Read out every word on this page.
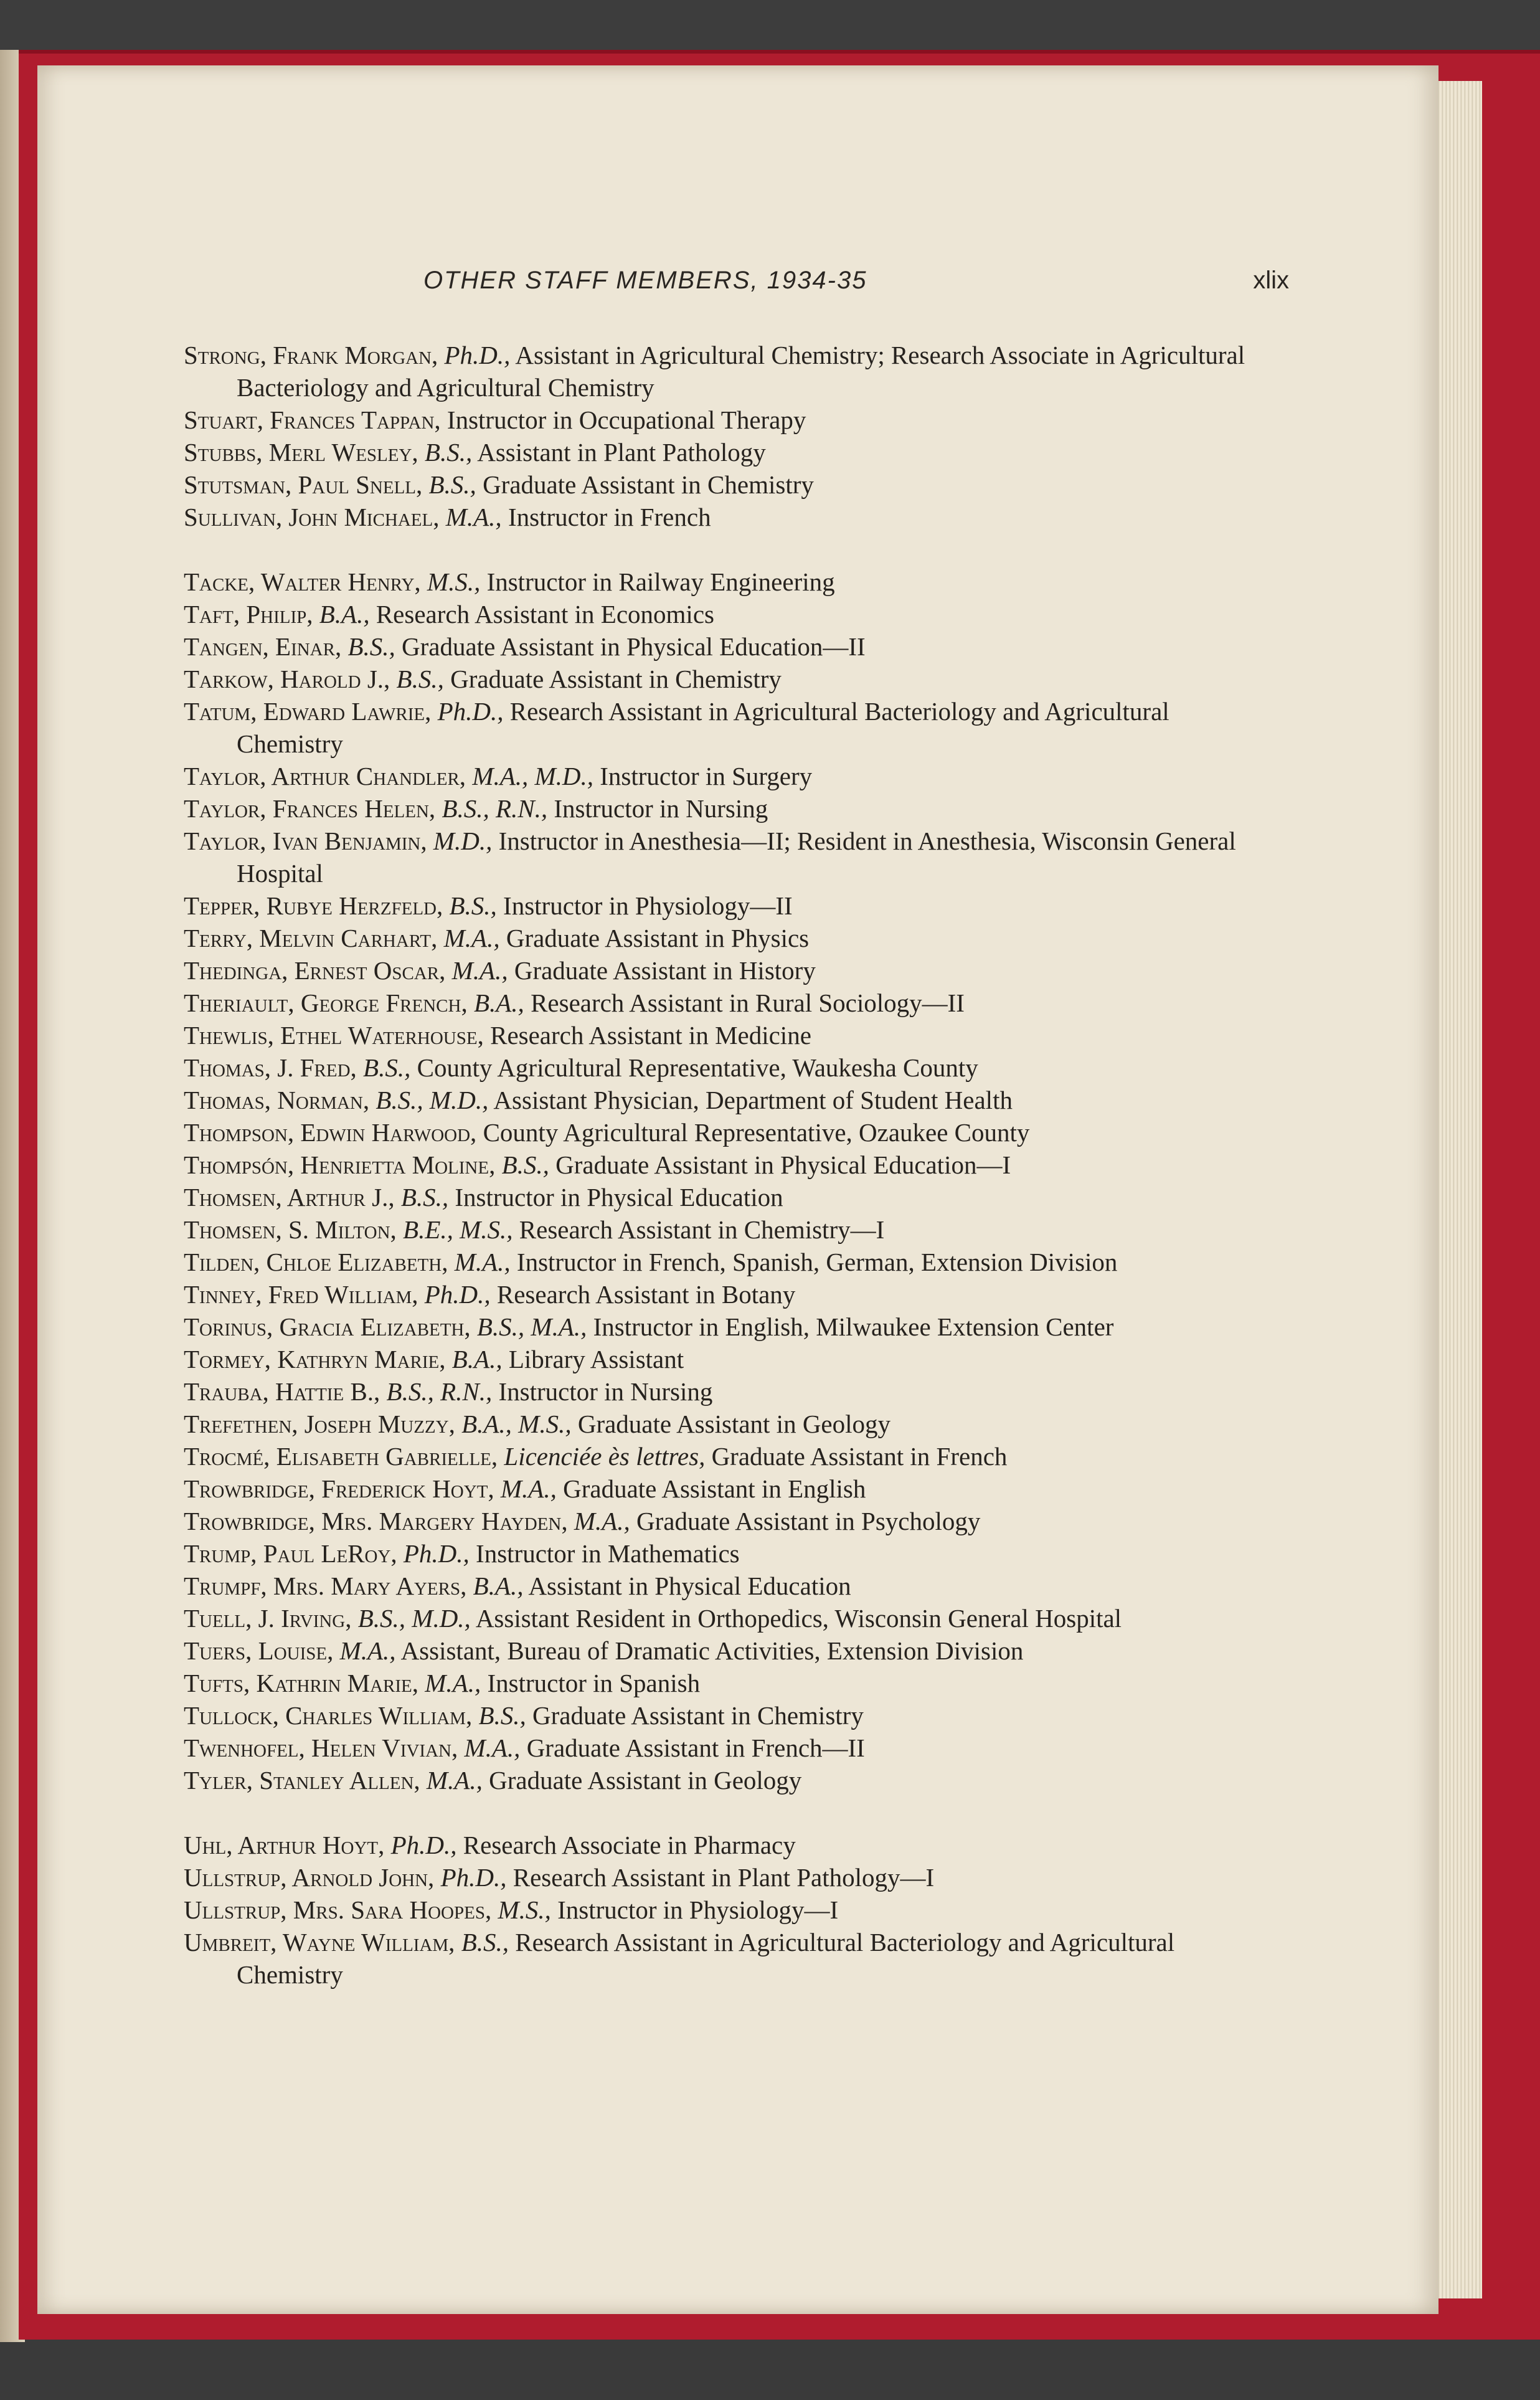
OTHER STAFF MEMBERS, 1934-35	xlix

Strong, Frank Morgan, Ph.D., Assistant in Agricultural Chemistry; Research Associate in Agricultural Bacteriology and Agricultural Chemistry

Stuart, Frances Tappan, Instructor in Occupational Therapy

Stubbs, Merl Wesley, B.S., Assistant in Plant Pathology

Stutsman, Paul Snell, B.S., Graduate Assistant in Chemistry

Sullivan, John Michael, M.A., Instructor in French

Tacke, Walter Henry, M.S., Instructor in Railway Engineering

Taft, Philip, B.A., Research Assistant in Economics

Tangen, Einar, B.S., Graduate Assistant in Physical Education—II

Tarkow, Harold J., B.S., Graduate Assistant in Chemistry

Tatum, Edward Lawrie, Ph.D., Research Assistant in Agricultural Bacteriology and Agricultural Chemistry

Taylor, Arthur Chandler, M.A., M.D., Instructor in Surgery

Taylor, Frances Helen, B.S., R.N., Instructor in Nursing

Taylor, Ivan Benjamin, M.D., Instructor in Anesthesia—II; Resident in Anesthesia, Wisconsin General Hospital

Tepper, Rubye Herzfeld, B.S., Instructor in Physiology—II

Terry, Melvin Carhart, M.A., Graduate Assistant in Physics

Thedinga, Ernest Oscar, M.A., Graduate Assistant in History

Theriault, George French, B.A., Research Assistant in Rural Sociology—II

Thewlis, Ethel Waterhouse, Research Assistant in Medicine

Thomas, J. Fred, B.S., County Agricultural Representative, Waukesha County

Thomas, Norman, B.S., M.D., Assistant Physician, Department of Student Health

Thompson, Edwin Harwood, County Agricultural Representative, Ozaukee County

Thompsón, Henrietta Moline, B.S., Graduate Assistant in Physical Education—I

Thomsen, Arthur J., B.S., Instructor in Physical Education

Thomsen, S. Milton, B.E., M.S., Research Assistant in Chemistry—I

Tilden, Chloe Elizabeth, M.A., Instructor in French, Spanish, German, Extension Division

Tinney, Fred William, Ph.D., Research Assistant in Botany

Torinus, Gracia Elizabeth, B.S., M.A., Instructor in English, Milwaukee Extension Center

Tormey, Kathryn Marie, B.A., Library Assistant

Trauba, Hattie B., B.S., R.N., Instructor in Nursing

Trefethen, Joseph Muzzy, B.A., M.S., Graduate Assistant in Geology

Trocmé, Elisabeth Gabrielle, Licenciée ès lettres, Graduate Assistant in French

Trowbridge, Frederick Hoyt, M.A., Graduate Assistant in English

Trowbridge, Mrs. Margery Hayden, M.A., Graduate Assistant in Psychology

Trump, Paul LeRoy, Ph.D., Instructor in Mathematics

Trumpf, Mrs. Mary Ayers, B.A., Assistant in Physical Education

Tuell, J. Irving, B.S., M.D., Assistant Resident in Orthopedics, Wisconsin General Hospital

Tuers, Louise, M.A., Assistant, Bureau of Dramatic Activities, Extension Division

Tufts, Kathrin Marie, M.A., Instructor in Spanish

Tullock, Charles William, B.S., Graduate Assistant in Chemistry

Twenhofel, Helen Vivian, M.A., Graduate Assistant in French—II

Tyler, Stanley Allen, M.A., Graduate Assistant in Geology

Uhl, Arthur Hoyt, Ph.D., Research Associate in Pharmacy

Ullstrup, Arnold John, Ph.D., Research Assistant in Plant Pathology—I

Ullstrup, Mrs. Sara Hoopes, M.S., Instructor in Physiology—I

Umbreit, Wayne William, B.S., Research Assistant in Agricultural Bacteriology and Agricultural Chemistry
